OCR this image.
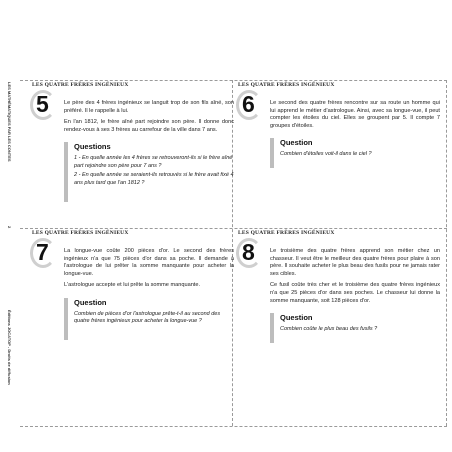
LES MATHÉMATIQUES PAR LES CONTES
2
Éditions JOCATOP - Droits de diffusion
LES QUATRE FRÈRES INGÉNIEUX
5	Le père des 4 frères ingénieux se languit trop de son fils aîné, son préféré. Il le rappelle à lui.
En l'an 1812, le frère aîné part rejoindre son père. Il donne donc rendez-vous à ses 3 frères au carrefour de la ville dans 7 ans.
Questions
1 - En quelle année les 4 frères se retrouveront-ils si le frère aîné part rejoindre son père pour 7 ans ?
2 - En quelle année se seraient-ils retrouvés si le frère avait fixé 4 ans plus tard que l'an 1812 ?
LES QUATRE FRÈRES INGÉNIEUX
6	Le second des quatre frères rencontre sur sa route un homme qui lui apprend le métier d'astrologue. Ainsi, avec sa longue-vue, il peut compter les étoiles du ciel. Elles se groupent par 5. Il compte 7 groupes d'étoiles.
Question
Combien d'étoiles voit-il dans le ciel ?
LES QUATRE FRÈRES INGÉNIEUX
7	La longue-vue coûte 200 pièces d'or. Le second des frères ingénieux n'a que 75 pièces d'or dans sa poche. Il demande à l'astrologue de lui prêter la somme manquante pour acheter la longue-vue.
L'astrologue accepte et lui prête la somme manquante.
Question
Combien de pièces d'or l'astrologue prête-t-il au second des quatre frères ingénieux pour acheter la longue-vue ?
LES QUATRE FRÈRES INGÉNIEUX
8	Le troisième des quatre frères apprend son métier chez un chasseur. Il veut être le meilleur des quatre frères pour plaire à son père. Il souhaite acheter le plus beau des fusils pour ne jamais rater ses cibles.
Ce fusil coûte très cher et le troisième des quatre frères ingénieux n'a que 25 pièces d'or dans ses poches. Le chasseur lui donne la somme manquante, soit 128 pièces d'or.
Question
Combien coûte le plus beau des fusils ?
